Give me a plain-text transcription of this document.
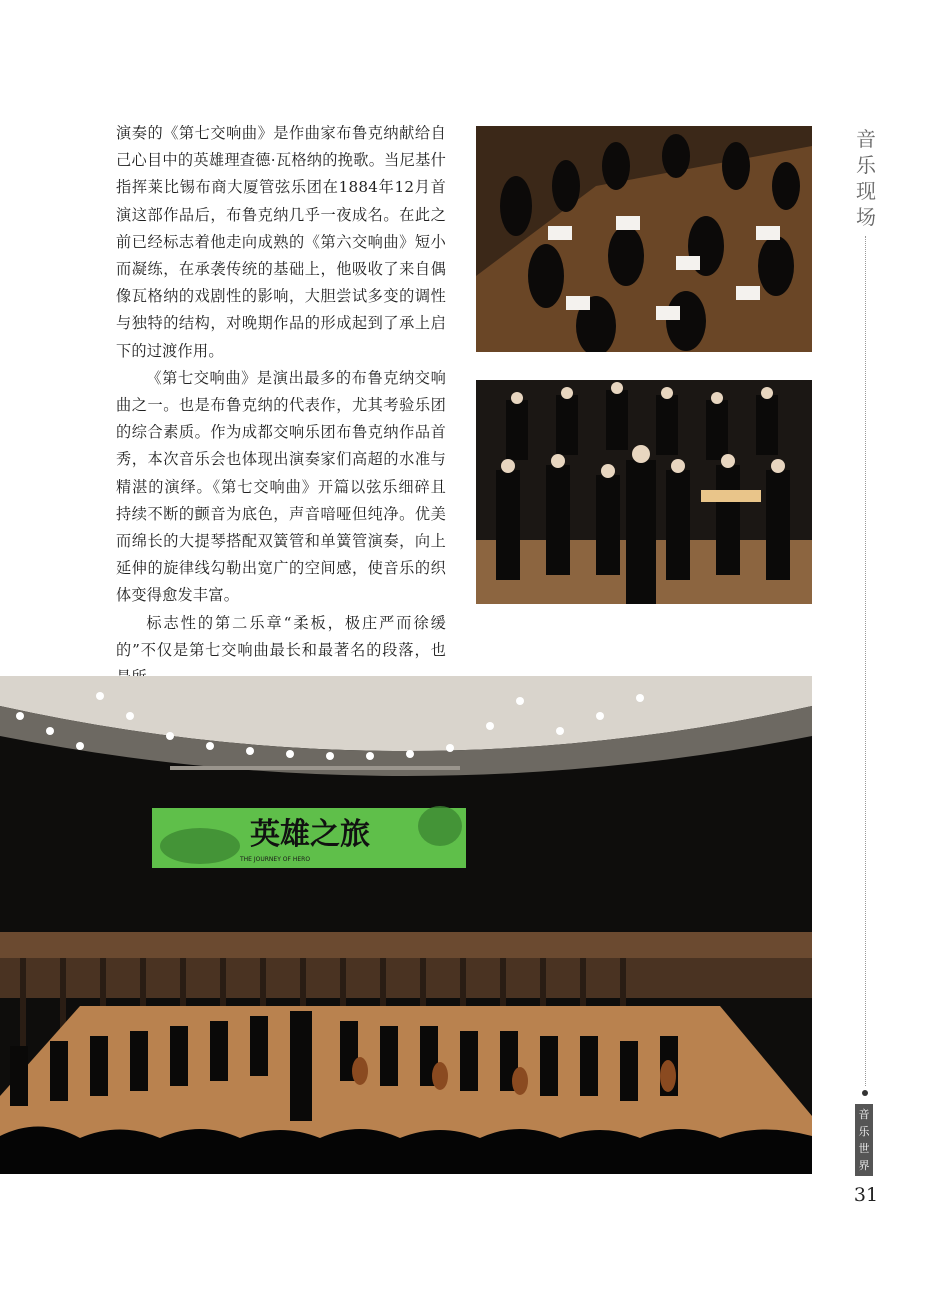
演奏的《第七交响曲》是作曲家布鲁克纳献给自己心目中的英雄理查德·瓦格纳的挽歌。当尼基什指挥莱比锡布商大厦管弦乐团在1884年12月首演这部作品后，布鲁克纳几乎一夜成名。在此之前已经标志着他走向成熟的《第六交响曲》短小而凝练，在承袭传统的基础上，他吸收了来自偶像瓦格纳的戏剧性的影响，大胆尝试多变的调性与独特的结构，对晚期作品的形成起到了承上启下的过渡作用。

《第七交响曲》是演出最多的布鲁克纳交响曲之一。也是布鲁克纳的代表作，尤其考验乐团的综合素质。作为成都交响乐团布鲁克纳作品首秀，本次音乐会也体现出演奏家们高超的水准与精湛的演绎。《第七交响曲》开篇以弦乐细碎且持续不断的颤音为底色，声音喑哑但纯净。优美而绵长的大提琴搭配双簧管和单簧管演奏，向上延伸的旋律线勾勒出宽广的空间感，使音乐的织体变得愈发丰富。

标志性的第二乐章“柔板，极庄严而徐缓的”不仅是第七交响曲最长和最著名的段落，也

英雄之旅
THE JOURNEY OF HERO
音
乐
现
场
音
乐
世
界
31
